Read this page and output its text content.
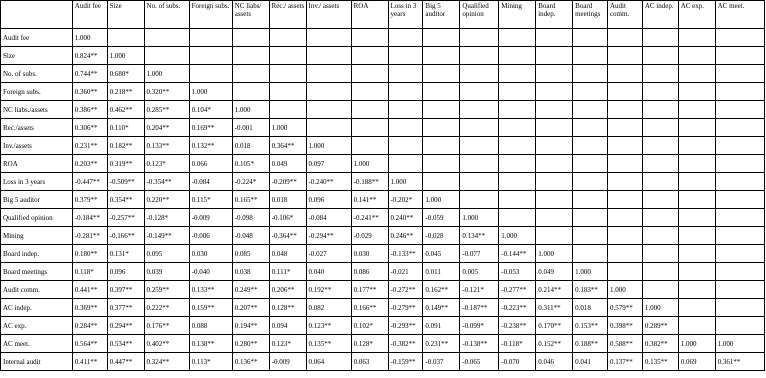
	Audit fee	Size	No. of subs.	Foreign subs.	NC liabs/ assets	Rec./ assets	Inv./ assets	ROA	Loss in 3 years	Big 5 auditor	Qualified opinion	Mining	Board indep.	Board meetings	Audit comm.	AC indep.	AC exp.	AC meet.
Audit fee	1.000																	
Size	0.824**	1.000																
No. of subs.	0.744**	0.680*	1.000															
Foreign subs.	0.360**	0.218**	0.320**	1.000														
NC liabs./assets	0.386**	0.462**	0.285**	0.104*	1.000													
Rec./assets	0.306**	0.110*	0.204**	0.169**	-0.001	1.000												
Inv./assets	0.231**	0.182**	0.133**	0.132**	0.018	0.364**	1.000											
ROA	0.203**	0.319**	0.123*	0.066	0.105*	0.049	0.097	1.000										
Loss in 3 years	-0.447**	-0.509**	-0.354**	-0.084	-0.224*	-0.209**	-0.240**	-0.188**	1.000									
Big 5 auditor	0.379**	0.354**	0.220**	0.115*	0.165**	0.018	0.096	0.141**	-0.202*	1.000								
Qualified opinion	-0.184**	-0.257**	-0.128*	-0.009	-0.098	-0.106*	-0.084	-0.241**	0.240**	-0.059	1.000							
Mining	-0.281**	-0.166**	-0.149**	-0.006	-0.048	-0.364**	-0.294**	-0.029	0.246**	-0.028	0.134**	1.000						
Board indep.	0.180**	0.131*	0.095	0.030	0.085	0.048	-0.027	0.030	-0.133**	0.045	-0.077	-0.144**	1.000					
Board meetings	0.118*	0.096	0.039	-0.040	0.038	0.111*	0.040	0.086	-0.021	0.011	0.005	-0.053	0.049	1.000				
Audit comm.	0.441**	0.397**	0.259**	0.133**	0.249**	0.206**	0.192**	0.177**	-0.272**	0.162**	-0.121*	-0.277**	0.214**	0.183**	1.000			
AC indep.	0.369**	0.377**	0.222**	0.159**	0.207**	0.128**	0.082	0.166**	-0.279**	0.149**	-0.187**	-0.223**	0.311**	0.018	0.579**	1.000		
AC exp.	0.284**	0.294**	0.176**	0.088	0.194**	0.094	0.123**	0.102*	-0.293**	0.091	-0.099*	-0.238**	0.170**	0.153**	0.398**	0.289**		
AC meet.	0.564**	0.534**	0.402**	0.138**	0.280**	0.123*	0.135**	0.128*	-0.382**	0.231**	-0.138**	-0.118*	0.152**	0.188**	0.588**	0.382**	1.000	1.000
Internal audit	0.411**	0.447**	0.324**	0.113*	0.136**	-0.009	0.064	0.063	-0.159**	-0.037	-0.065	-0.070	0.046	0.041	0.137**	0.135**	0.069	0.361**
